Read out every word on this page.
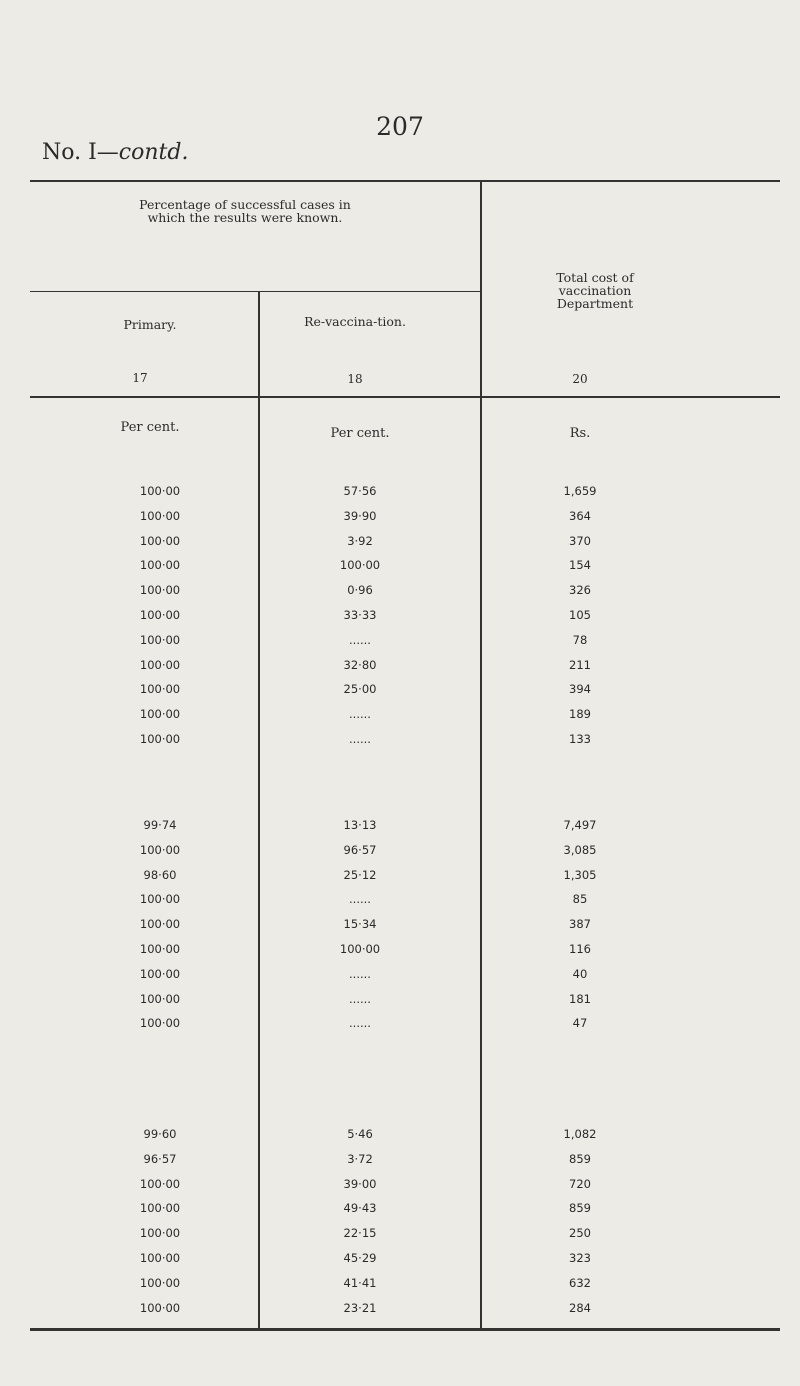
207
No. I—contd.
Percentage of successful cases in which the results were known.
Total cost of vaccination Department
Primary.	Re-vaccina-tion.
17	18	20
Per cent.	Per cent.	Rs.
100·00	57·56	1,659
100·00	39·90	364
100·00	3·92	370
100·00	100·00	154
100·00	0·96	326
100·00	33·33	105
100·00	......	78
100·00	32·80	211
100·00	25·00	394
100·00	......	189
100·00	......	133
99·74	13·13	7,497
100·00	96·57	3,085
98·60	25·12	1,305
100·00	......	85
100·00	15·34	387
100·00	100·00	116
100·00	......	40
100·00	......	181
100·00	......	47
99·60	5·46	1,082
96·57	3·72	859
100·00	39·00	720
100·00	49·43	859
100·00	22·15	250
100·00	45·29	323
100·00	41·41	632
100·00	23·21	284
